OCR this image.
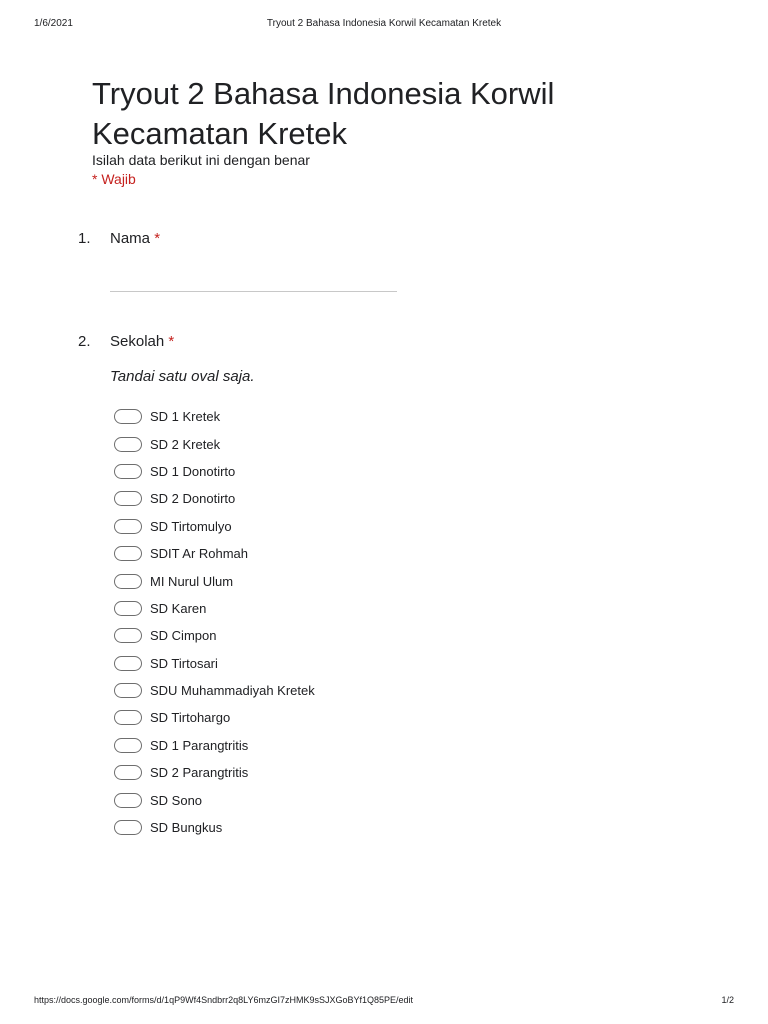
1/6/2021	Tryout 2 Bahasa Indonesia Korwil Kecamatan Kretek
Tryout 2 Bahasa Indonesia Korwil Kecamatan Kretek
Isilah data berikut ini dengan benar
* Wajib
1. Nama *
2. Sekolah *
Tandai satu oval saja.
SD 1 Kretek
SD 2 Kretek
SD 1 Donotirto
SD 2 Donotirto
SD Tirtomulyo
SDIT Ar Rohmah
MI Nurul Ulum
SD Karen
SD Cimpon
SD Tirtosari
SDU Muhammadiyah Kretek
SD Tirtohargo
SD 1 Parangtritis
SD 2 Parangtritis
SD Sono
SD Bungkus
https://docs.google.com/forms/d/1qP9Wf4Sndbrr2q8LY6mzGI7zHMK9sSJXGoBYf1Q85PE/edit	1/2
